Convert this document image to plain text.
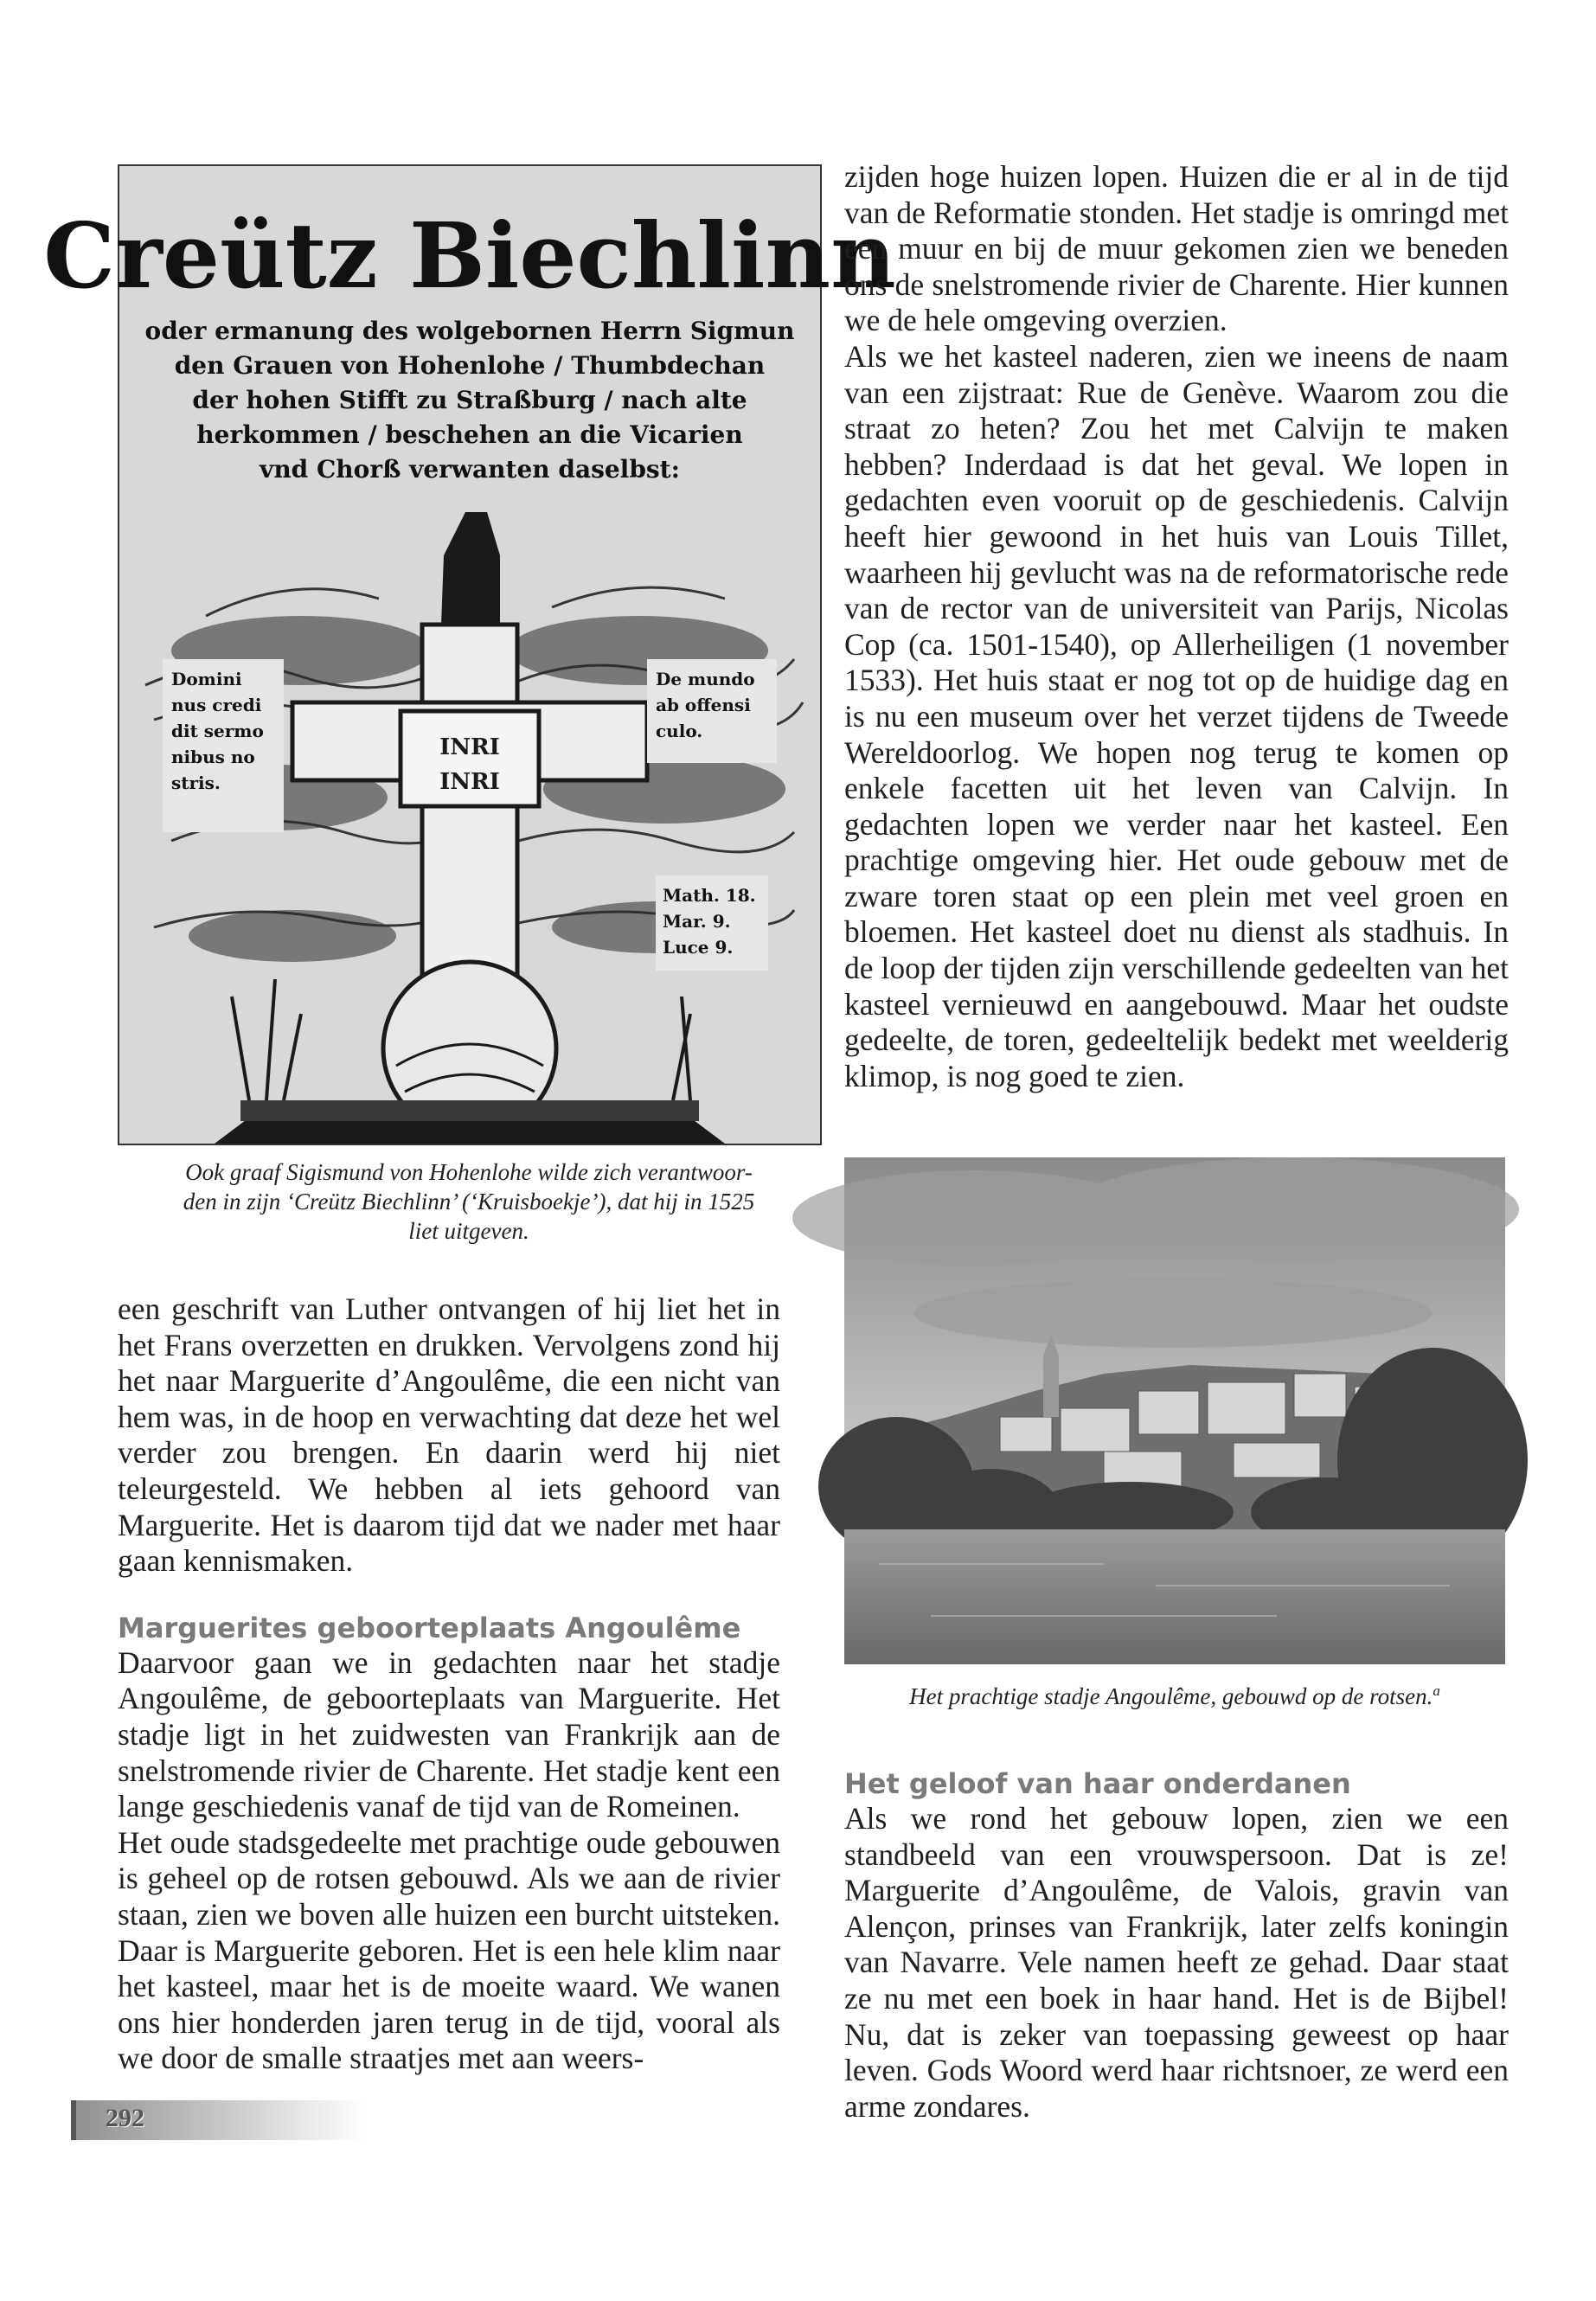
INRI
INRI
Creütz Biechlinn
oder ermanung des wolgebornen Herrn Sigmun
den Grauen von Hohenlohe / Thumbdechan
der hohen Stifft zu Straßburg / nach alte
herkommen / beschehen an die Vicarien
vnd Chorß verwanten daselbst:
Domini
nus credi
dit sermo
nibus no
stris.
De mundo
ab offensi
culo.
Math. 18.
Mar. 9.
Luce 9.

Ook graaf Sigismund von Hohenlohe wilde zich verantwoor-

den in zijn ‘Creütz Biechlinn’ (‘Kruisboekje’), dat hij in 1525

liet uitgeven.

een geschrift van Luther ontvangen of hij liet het in het Frans overzetten en drukken. Vervolgens zond hij het naar Marguerite d’Angoulême, die een nicht van hem was, in de hoop en verwachting dat deze het wel verder zou brengen. En daarin werd hij niet teleurgesteld. We hebben al iets gehoord van Marguerite. Het is daarom tijd dat we nader met haar gaan kennismaken.

Marguerites geboorteplaats Angoulême

Daarvoor gaan we in gedachten naar het stadje Angoulême, de geboorteplaats van Marguerite. Het stadje ligt in het zuidwesten van Frankrijk aan de snelstromende rivier de Charente. Het stadje kent een lange geschiedenis vanaf de tijd van de Romeinen.

Het oude stadsgedeelte met prachtige oude gebouwen is geheel op de rotsen gebouwd. Als we aan de rivier staan, zien we boven alle huizen een burcht uitsteken. Daar is Marguerite geboren. Het is een hele klim naar het kasteel, maar het is de moeite waard. We wanen ons hier honderden jaren terug in de tijd, vooral als we door de smalle straatjes met aan weers-

zijden hoge huizen lopen. Huizen die er al in de tijd van de Reformatie stonden. Het stadje is omringd met een muur en bij de muur gekomen zien we beneden ons de snelstromende rivier de Charente. Hier kunnen we de hele omgeving overzien.

Als we het kasteel naderen, zien we ineens de naam van een zijstraat: Rue de Genève. Waarom zou die straat zo heten? Zou het met Calvijn te maken hebben? Inderdaad is dat het geval. We lopen in gedachten even vooruit op de geschiedenis. Calvijn heeft hier gewoond in het huis van Louis Tillet, waarheen hij gevlucht was na de reformatorische rede van de rector van de universiteit van Parijs, Nicolas Cop (ca. 1501-1540), op Allerheiligen (1 november 1533). Het huis staat er nog tot op de huidige dag en is nu een museum over het verzet tijdens de Tweede Wereldoorlog. We hopen nog terug te komen op enkele facetten uit het leven van Calvijn. In gedachten lopen we verder naar het kasteel. Een prachtige omgeving hier. Het oude gebouw met de zware toren staat op een plein met veel groen en bloemen. Het kasteel doet nu dienst als stadhuis. In de loop der tijden zijn verschillende gedeelten van het kasteel vernieuwd en aangebouwd. Maar het oudste gedeelte, de toren, gedeeltelijk bedekt met weelderig klimop, is nog goed te zien.

Het prachtige stadje Angoulême, gebouwd op de rotsen.$^a$

Het geloof van haar onderdanen

Als we rond het gebouw lopen, zien we een standbeeld van een vrouwspersoon. Dat is ze! Marguerite d’Angoulême, de Valois, gravin van Alençon, prinses van Frankrijk, later zelfs koningin van Navarre. Vele namen heeft ze gehad. Daar staat ze nu met een boek in haar hand. Het is de Bijbel! Nu, dat is zeker van toepassing geweest op haar leven. Gods Woord werd haar richtsnoer, ze werd een arme zondares.

292
